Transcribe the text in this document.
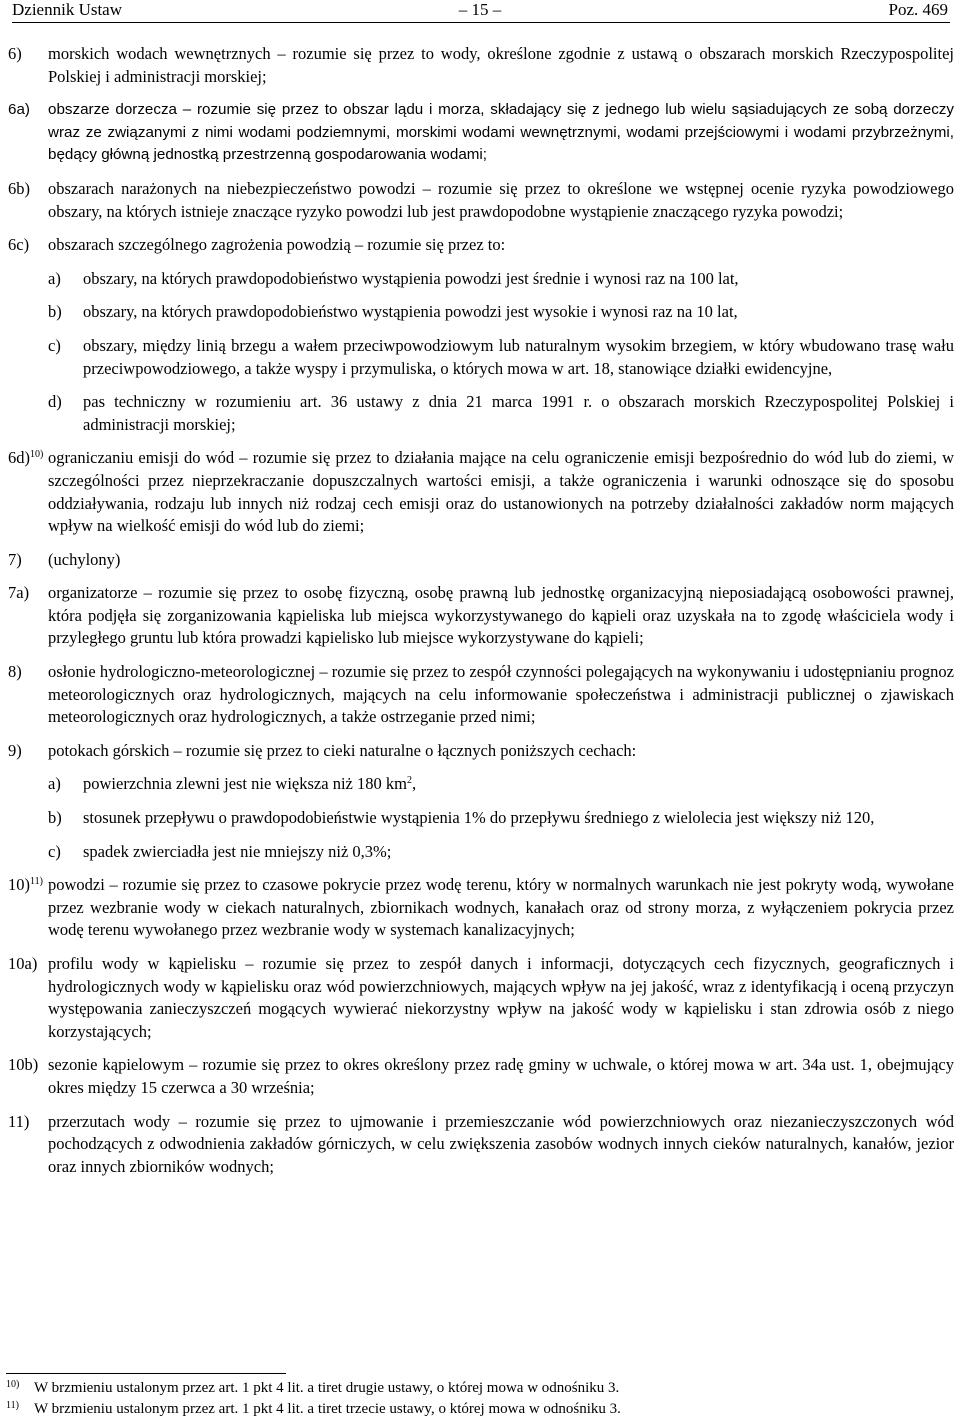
Dziennik Ustaw	– 15 –	Poz. 469
6)	morskich wodach wewnętrznych – rozumie się przez to wody, określone zgodnie z ustawą o obszarach morskich Rzeczypospolitej Polskiej i administracji morskiej;
6a)	obszarze dorzecza – rozumie się przez to obszar lądu i morza, składający się z jednego lub wielu sąsiadujących ze sobą dorzeczy wraz ze związanymi z nimi wodami podziemnymi, morskimi wodami wewnętrznymi, wodami przejściowymi i wodami przybrzeżnymi, będący główną jednostką przestrzenną gospodarowania wodami;
6b)	obszarach narażonych na niebezpieczeństwo powodzi – rozumie się przez to określone we wstępnej ocenie ryzyka powodziowego obszary, na których istnieje znaczące ryzyko powodzi lub jest prawdopodobne wystąpienie znaczącego ryzyka powodzi;
6c)	obszarach szczególnego zagrożenia powodzią – rozumie się przez to:
a)	obszary, na których prawdopodobieństwo wystąpienia powodzi jest średnie i wynosi raz na 100 lat,
b)	obszary, na których prawdopodobieństwo wystąpienia powodzi jest wysokie i wynosi raz na 10 lat,
c)	obszary, między linią brzegu a wałem przeciwpowodziowym lub naturalnym wysokim brzegiem, w który wbudowano trasę wału przeciwpowodziowego, a także wyspy i przymuliska, o których mowa w art. 18, stanowiące działki ewidencyjne,
d)	pas techniczny w rozumieniu art. 36 ustawy z dnia 21 marca 1991 r. o obszarach morskich Rzeczypospolitej Polskiej i administracji morskiej;
6d)$^{10)}$ ograniczaniu emisji do wód – rozumie się przez to działania mające na celu ograniczenie emisji bezpośrednio do wód lub do ziemi, w szczególności przez nieprzekraczanie dopuszczalnych wartości emisji, a także ograniczenia i warunki odnoszące się do sposobu oddziaływania, rodzaju lub innych niż rodzaj cech emisji oraz do ustanowionych na potrzeby działalności zakładów norm mających wpływ na wielkość emisji do wód lub do ziemi;
7)	(uchylony)
7a)	organizatorze – rozumie się przez to osobę fizyczną, osobę prawną lub jednostkę organizacyjną nieposiadającą osobowości prawnej, która podjęła się zorganizowania kąpieliska lub miejsca wykorzystywanego do kąpieli oraz uzyskała na to zgodę właściciela wody i przyległego gruntu lub która prowadzi kąpielisko lub miejsce wykorzystywane do kąpieli;
8)	osłonie hydrologiczno-meteorologicznej – rozumie się przez to zespół czynności polegających na wykonywaniu i udostępnianiu prognoz meteorologicznych oraz hydrologicznych, mających na celu informowanie społeczeństwa i administracji publicznej o zjawiskach meteorologicznych oraz hydrologicznych, a także ostrzeganie przed nimi;
9)	potokach górskich – rozumie się przez to cieki naturalne o łącznych poniższych cechach:
a)	powierzchnia zlewni jest nie większa niż 180 $km^2$,
b)	stosunek przepływu o prawdopodobieństwie wystąpienia 1% do przepływu średniego z wielolecia jest większy niż 120,
c)	spadek zwierciadła jest nie mniejszy niż 0,3%;
10)$^{11)}$ powodzi – rozumie się przez to czasowe pokrycie przez wodę terenu, który w normalnych warunkach nie jest pokryty wodą, wywołane przez wezbranie wody w ciekach naturalnych, zbiornikach wodnych, kanałach oraz od strony morza, z wyłączeniem pokrycia przez wodę terenu wywołanego przez wezbranie wody w systemach kanalizacyjnych;
10a) profilu wody w kąpielisku – rozumie się przez to zespół danych i informacji, dotyczących cech fizycznych, geograficznych i hydrologicznych wody w kąpielisku oraz wód powierzchniowych, mających wpływ na jej jakość, wraz z identyfikacją i oceną przyczyn występowania zanieczyszczeń mogących wywierać niekorzystny wpływ na jakość wody w kąpielisku i stan zdrowia osób z niego korzystających;
10b) sezonie kąpielowym – rozumie się przez to okres określony przez radę gminy w uchwale, o której mowa w art. 34a ust. 1, obejmujący okres między 15 czerwca a 30 września;
11)	przerzutach wody – rozumie się przez to ujmowanie i przemieszczanie wód powierzchniowych oraz niezanieczyszczonych wód pochodzących z odwodnienia zakładów górniczych, w celu zwiększenia zasobów wodnych innych cieków naturalnych, kanałów, jezior oraz innych zbiorników wodnych;
10) W brzmieniu ustalonym przez art. 1 pkt 4 lit. a tiret drugie ustawy, o której mowa w odnośniku 3.
11)	W brzmieniu ustalonym przez art. 1 pkt 4 lit. a tiret trzecie ustawy, o której mowa w odnośniku 3.
